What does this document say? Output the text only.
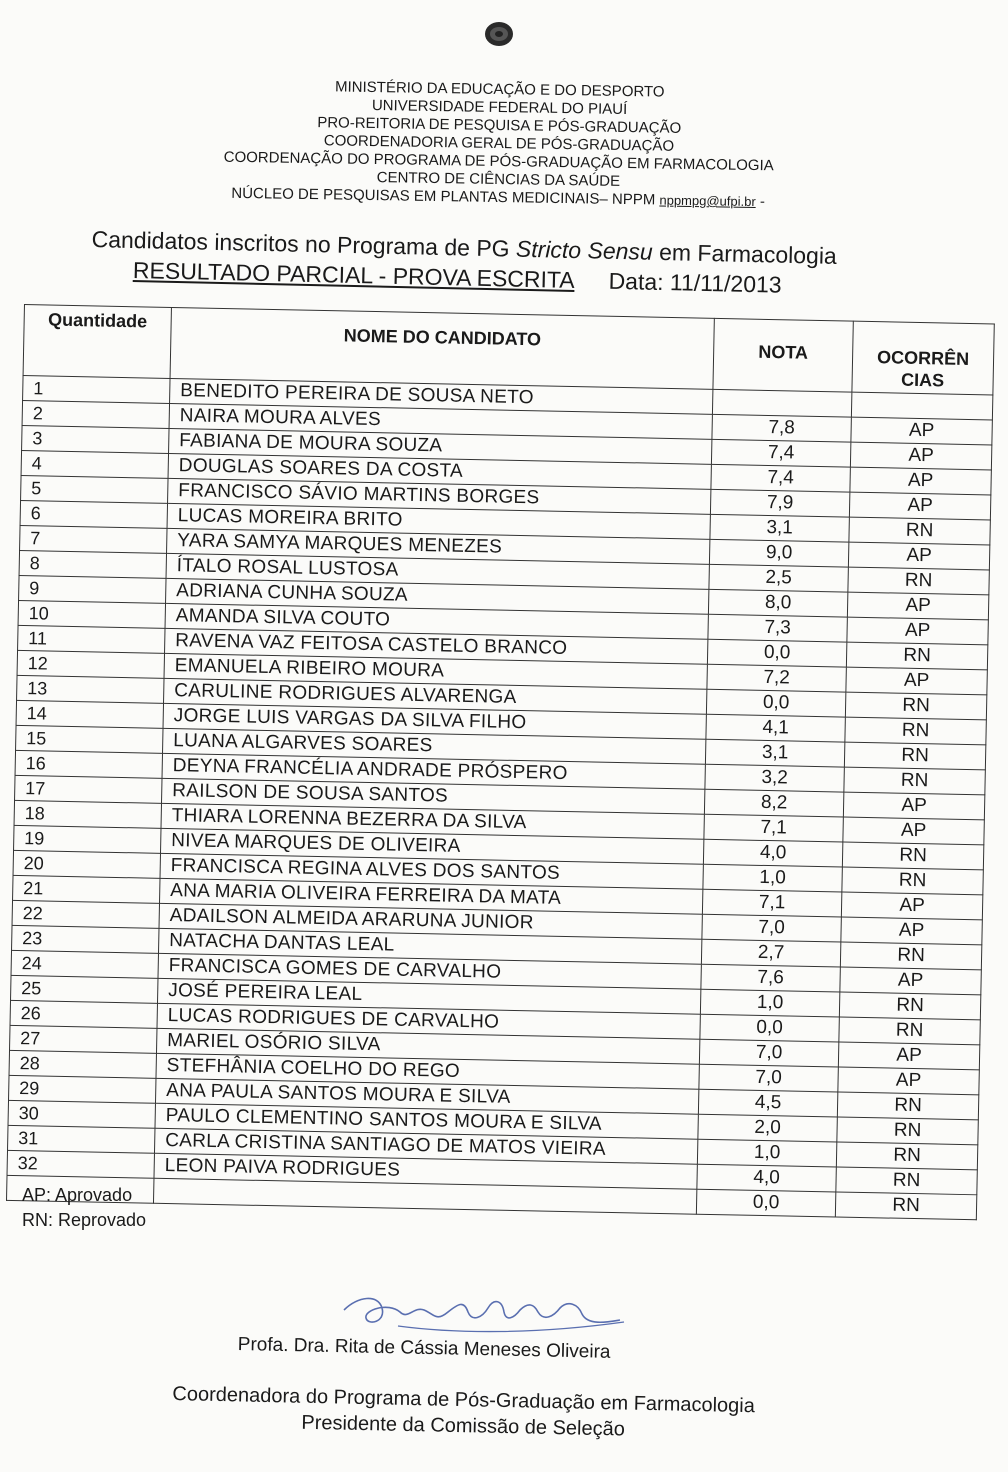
MINISTÉRIO DA EDUCAÇÃO E DO DESPORTO
UNIVERSIDADE FEDERAL DO PIAUÍ
PRO-REITORIA DE PESQUISA E PÓS-GRADUAÇÃO
COORDENADORIA GERAL DE PÓS-GRADUAÇÃO
COORDENAÇÃO DO PROGRAMA DE PÓS-GRADUAÇÃO EM FARMACOLOGIA
CENTRO DE CIÊNCIAS DA SAÚDE
NÚCLEO DE PESQUISAS EM PLANTAS MEDICINAIS– NPPM nppmpg@ufpi.br -
Candidatos inscritos no Programa de PG Stricto Sensu em Farmacologia
RESULTADO PARCIAL - PROVA ESCRITA Data: 11/11/2013
Quantidade	NOME DO CANDIDATO	NOTA	OCORRÊN
CIAS
1	BENEDITO PEREIRA DE SOUSA NETO		
2	NAIRA MOURA ALVES	7,8	AP
3	FABIANA DE MOURA SOUZA	7,4	AP
4	DOUGLAS SOARES DA COSTA	7,4	AP
5	FRANCISCO SÁVIO MARTINS BORGES	7,9	AP
6	LUCAS MOREIRA BRITO	3,1	RN
7	YARA SAMYA MARQUES MENEZES	9,0	AP
8	ÍTALO ROSAL LUSTOSA	2,5	RN
9	ADRIANA CUNHA SOUZA	8,0	AP
10	AMANDA SILVA COUTO	7,3	AP
11	RAVENA VAZ FEITOSA CASTELO BRANCO	0,0	RN
12	EMANUELA RIBEIRO MOURA	7,2	AP
13	CARULINE RODRIGUES ALVARENGA	0,0	RN
14	JORGE LUIS VARGAS DA SILVA FILHO	4,1	RN
15	LUANA ALGARVES SOARES	3,1	RN
16	DEYNA FRANCÉLIA ANDRADE PRÓSPERO	3,2	RN
17	RAILSON DE SOUSA SANTOS	8,2	AP
18	THIARA LORENNA BEZERRA DA SILVA	7,1	AP
19	NIVEA MARQUES DE OLIVEIRA	4,0	RN
20	FRANCISCA REGINA ALVES DOS SANTOS	1,0	RN
21	ANA MARIA OLIVEIRA FERREIRA DA MATA	7,1	AP
22	ADAILSON ALMEIDA ARARUNA JUNIOR	7,0	AP
23	NATACHA DANTAS LEAL	2,7	RN
24	FRANCISCA GOMES DE CARVALHO	7,6	AP
25	JOSÉ PEREIRA LEAL	1,0	RN
26	LUCAS RODRIGUES DE CARVALHO	0,0	RN
27	MARIEL OSÓRIO SILVA	7,0	AP
28	STEFHÂNIA COELHO DO REGO	7,0	AP
29	ANA PAULA SANTOS MOURA E SILVA	4,5	RN
30	PAULO CLEMENTINO SANTOS MOURA E SILVA	2,0	RN
31	CARLA CRISTINA SANTIAGO DE MATOS VIEIRA	1,0	RN
32	LEON PAIVA RODRIGUES	4,0	RN
		0,0	RN
AP: Aprovado
RN: Reprovado
Profa. Dra. Rita de Cássia Meneses Oliveira
Coordenadora do Programa de Pós-Graduação em Farmacologia
Presidente da Comissão de Seleção
